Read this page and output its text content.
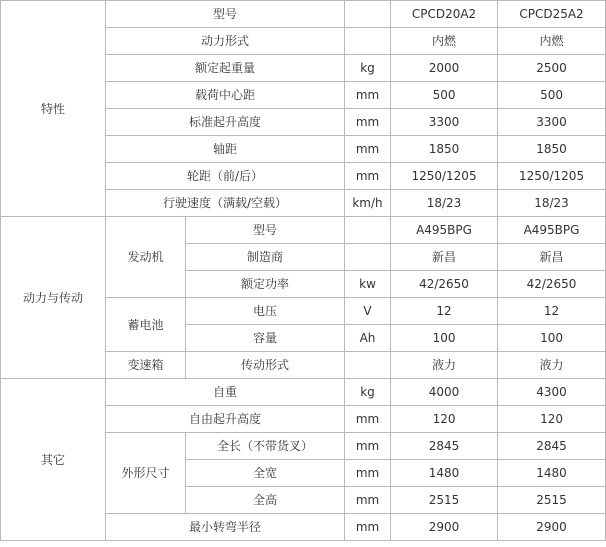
特性	型号			CPCD20A2	CPCD25A2
	动力形式			内燃	内燃
	额定起重量		kg	2000	2500
	载荷中心距		mm	500	500
	标准起升高度		mm	3300	3300
	轴距		mm	1850	1850
	轮距（前/后）		mm	1250/1205	1250/1205
	行驶速度（满载/空载）		km/h	18/23	18/23
动力与传动	发动机	型号		A495BPG	A495BPG
		制造商		新昌	新昌
		额定功率	kw	42/2650	42/2650
	蓄电池	电压	V	12	12
		容量	Ah	100	100
	变速箱	传动形式		液力	液力
其它	自重		kg	4000	4300
	自由起升高度		mm	120	120
	外形尺寸	全长（不带货叉）	mm	2845	2845
		全宽	mm	1480	1480
		全高	mm	2515	2515
	最小转弯半径		mm	2900	2900
